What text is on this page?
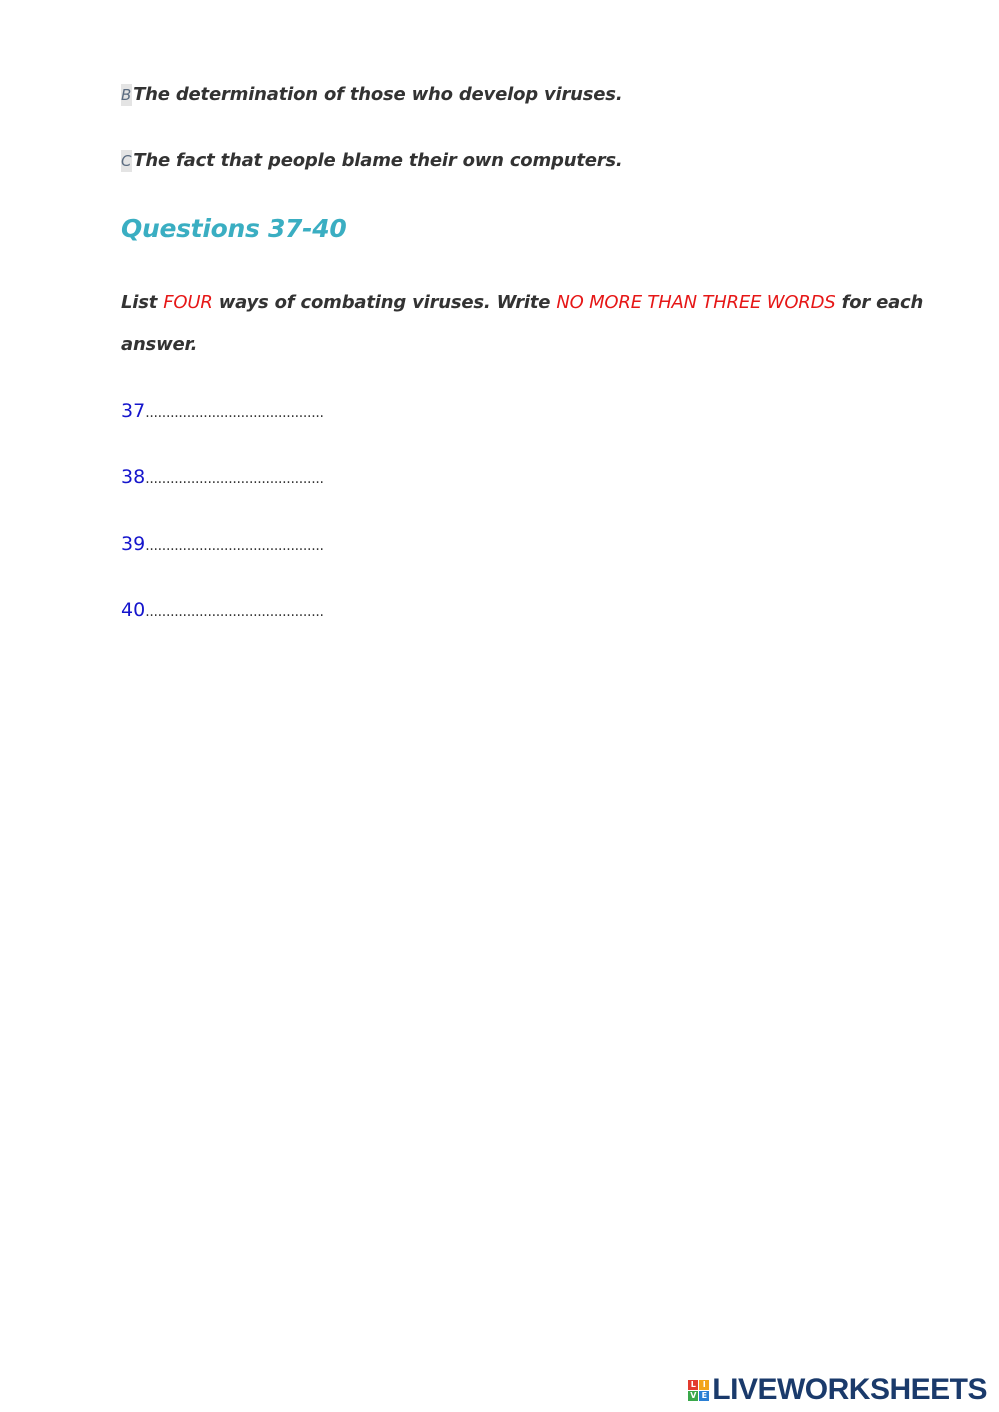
B The determination of those who develop viruses.
C The fact that people blame their own computers.
Questions 37-40
List FOUR ways of combating viruses. Write NO MORE THAN THREE WORDS for each
answer.
37...........................................
38...........................................
39...........................................
40...........................................
L I
V E LIVEWORKSHEETS
